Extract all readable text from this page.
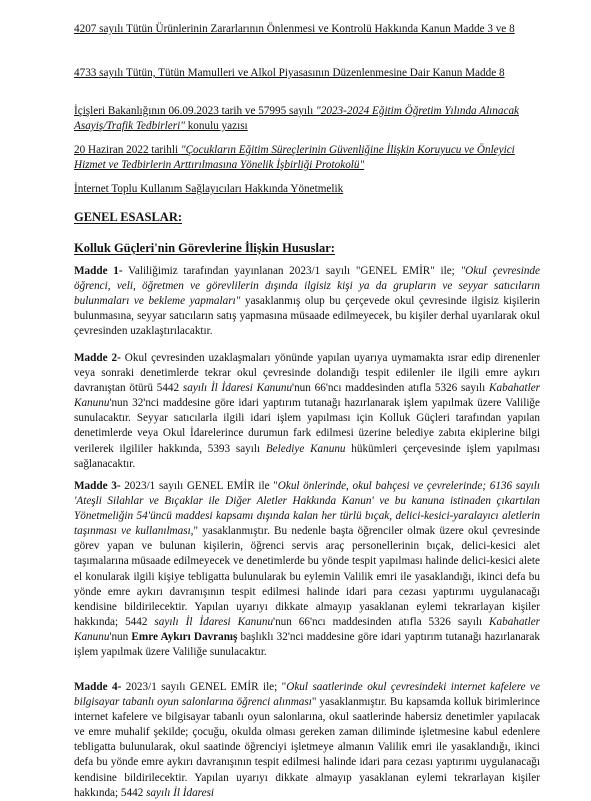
4207 sayılı Tütün Ürünlerinin Zararlarının Önlenmesi ve Kontrolü Hakkında Kanun Madde 3 ve 8
4733 sayılı Tütün, Tütün Mamulleri ve Alkol Piyasasının Düzenlenmesine Dair Kanun Madde 8
İçişleri Bakanlığının 06.09.2023 tarih ve 57995 sayılı "2023-2024 Eğitim Öğretim Yılında Alınacak Asayiş/Trafik Tedbirleri" konulu yazısı
20 Haziran 2022 tarihli "Çocukların Eğitim Süreçlerinin Güvenliğine İlişkin Koruyucu ve Önleyici Hizmet ve Tedbirlerin Arttırılmasına Yönelik İşbirliği Protokolü"
İnternet Toplu Kullanım Sağlayıcıları Hakkında Yönetmelik
GENEL ESASLAR:
Kolluk Güçleri'nin Görevlerine İlişkin Hususlar:
Madde 1- Valiliğimiz tarafından yayınlanan 2023/1 sayılı "GENEL EMİR" ile; "Okul çevresinde öğrenci, veli, öğretmen ve görevlilerin dışında ilgisiz kişi ya da grupların ve seyyar satıcıların bulunmaları ve bekleme yapmaları" yasaklanmış olup bu çerçevede okul çevresinde ilgisiz kişilerin bulunmasına, seyyar satıcıların satış yapmasına müsaade edilmeyecek, bu kişiler derhal uyarılarak okul çevresinden uzaklaştırılacaktır.
Madde 2- Okul çevresinden uzaklaşmaları yönünde yapılan uyarıya uymamakta ısrar edip direnenler veya sonraki denetimlerde tekrar okul çevresinde dolandığı tespit edilenler ile ilgili emre aykırı davranıştan ötürü 5442 sayılı İl İdaresi Kanunu'nun 66'ncı maddesinden atıfla 5326 sayılı Kabahatler Kanunu'nun 32'nci maddesine göre idari yaptırım tutanağı hazırlanarak işlem yapılmak üzere Valiliğe sunulacaktır. Seyyar satıcılarla ilgili idari işlem yapılması için Kolluk Güçleri tarafından yapılan denetimlerde veya Okul İdarelerince durumun fark edilmesi üzerine belediye zabıta ekiplerine bilgi verilerek ilgililer hakkında, 5393 sayılı Belediye Kanunu hükümleri çerçevesinde işlem yapılması sağlanacaktır.
Madde 3- 2023/1 sayılı GENEL EMİR ile "Okul önlerinde, okul bahçesi ve çevrelerinde; 6136 sayılı 'Ateşli Silahlar ve Bıçaklar ile Diğer Aletler Hakkında Kanun' ve bu kanuna istinaden çıkartılan Yönetmeliğin 54'üncü maddesi kapsamı dışında kalan her türlü bıçak, delici-kesici-yaralayıcı aletlerin taşınması ve kullanılması," yasaklanmıştır. Bu nedenle başta öğrenciler olmak üzere okul çevresinde görev yapan ve bulunan kişilerin, öğrenci servis araç personellerinin bıçak, delici-kesici alet taşımalarına müsaade edilmeyecek ve denetimlerde bu yönde tespit yapılması halinde delici-kesici alete el konularak ilgili kişiye tebligatta bulunularak bu eylemin Valilik emri ile yasaklandığı, ikinci defa bu yönde emre aykırı davranışının tespit edilmesi halinde idari para cezası yaptırımı uygulanacağı kendisine bildirilecektir. Yapılan uyarıyı dikkate almayıp yasaklanan eylemi tekrarlayan kişiler hakkında; 5442 sayılı İl İdaresi Kanunu'nun 66'ncı maddesinden atıfla 5326 sayılı Kabahatler Kanunu'nun Emre Aykırı Davranış başlıklı 32'nci maddesine göre idari yaptırım tutanağı hazırlanarak işlem yapılmak üzere Valiliğe sunulacaktır.
Madde 4- 2023/1 sayılı GENEL EMİR ile; "Okul saatlerinde okul çevresindeki internet kafelere ve bilgisayar tabanlı oyun salonlarına öğrenci alınması" yasaklanmıştır. Bu kapsamda kolluk birimlerince internet kafelere ve bilgisayar tabanlı oyun salonlarına, okul saatlerinde habersiz denetimler yapılacak ve emre muhalif şekilde; çocuğu, okulda olması gereken zaman diliminde işletmesine kabul edenlere tebligatta bulunularak, okul saatinde öğrenciyi işletmeye almanın Valilik emri ile yasaklandığı, ikinci defa bu yönde emre aykırı davranışının tespit edilmesi halinde idari para cezası yaptırımı uygulanacağı kendisine bildirilecektir. Yapılan uyarıyı dikkate almayıp yasaklanan eylemi tekrarlayan kişiler hakkında; 5442 sayılı İl İdaresi
